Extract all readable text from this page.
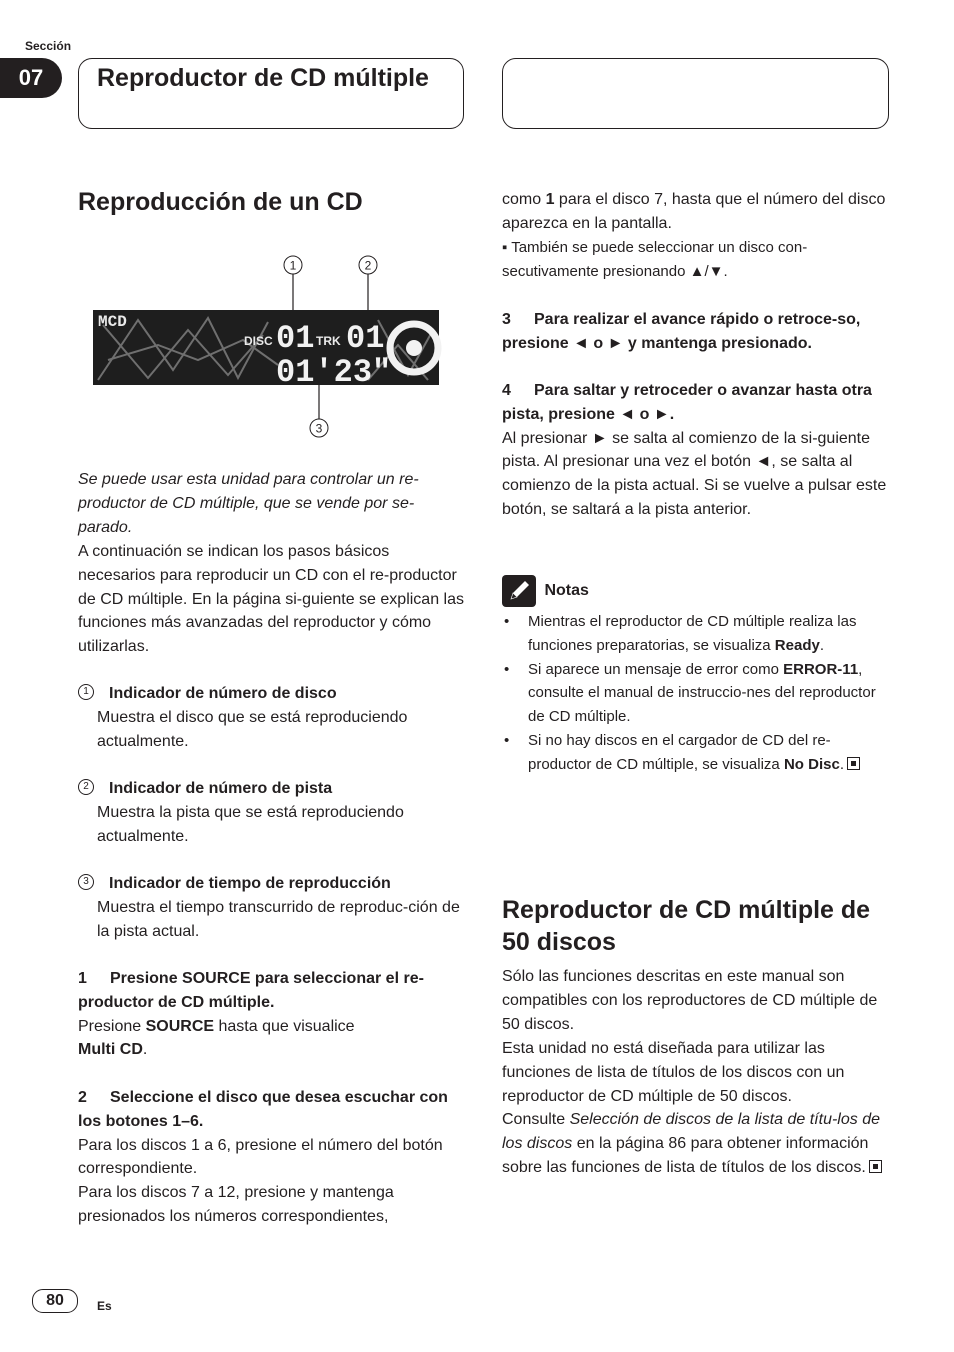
Sección
07	Reproductor de CD múltiple
Reproducción de un CD
1	2
3
MCD
DISC 01 TRK 01
01'23"
Se puede usar esta unidad para controlar un re-productor de CD múltiple, que se vende por se-parado.
A continuación se indican los pasos básicos necesarios para reproducir un CD con el re-productor de CD múltiple. En la página si-guiente se explican las funciones más avanzadas del reproductor y cómo utilizarlas.
1	Indicador de número de disco
Muestra el disco que se está reproduciendo actualmente.
2	Indicador de número de pista
Muestra la pista que se está reproduciendo actualmente.
3	Indicador de tiempo de reproducción
Muestra el tiempo transcurrido de reproduc-ción de la pista actual.
1 Presione SOURCE para seleccionar el re-productor de CD múltiple.
Presione SOURCE hasta que visualice
Multi CD.
2 Seleccione el disco que desea escuchar con los botones 1–6.
Para los discos 1 a 6, presione el número del botón correspondiente.
Para los discos 7 a 12, presione y mantenga presionados los números correspondientes,
como 1 para el disco 7, hasta que el número del disco aparezca en la pantalla.
▪ También se puede seleccionar un disco con-secutivamente presionando ▲/▼.
3 Para realizar el avance rápido o retroce-so, presione ◄ o ► y mantenga presionado.
4 Para saltar y retroceder o avanzar hasta otra pista, presione ◄ o ►.
Al presionar ► se salta al comienzo de la si-guiente pista. Al presionar una vez el botón ◄, se salta al comienzo de la pista actual. Si se vuelve a pulsar este botón, se saltará a la pista anterior.
Notas
• Mientras el reproductor de CD múltiple realiza las funciones preparatorias, se visualiza Ready.
• Si aparece un mensaje de error como ERROR-11, consulte el manual de instruccio-nes del reproductor de CD múltiple.
• Si no hay discos en el cargador de CD del re-productor de CD múltiple, se visualiza No Disc.
Reproductor de CD múltiple de 50 discos
Sólo las funciones descritas en este manual son compatibles con los reproductores de CD múltiple de 50 discos.
Esta unidad no está diseñada para utilizar las funciones de lista de títulos de los discos con un reproductor de CD múltiple de 50 discos.
Consulte Selección de discos de la lista de títu-los de los discos en la página 86 para obtener información sobre las funciones de lista de títulos de los discos.
80	Es
